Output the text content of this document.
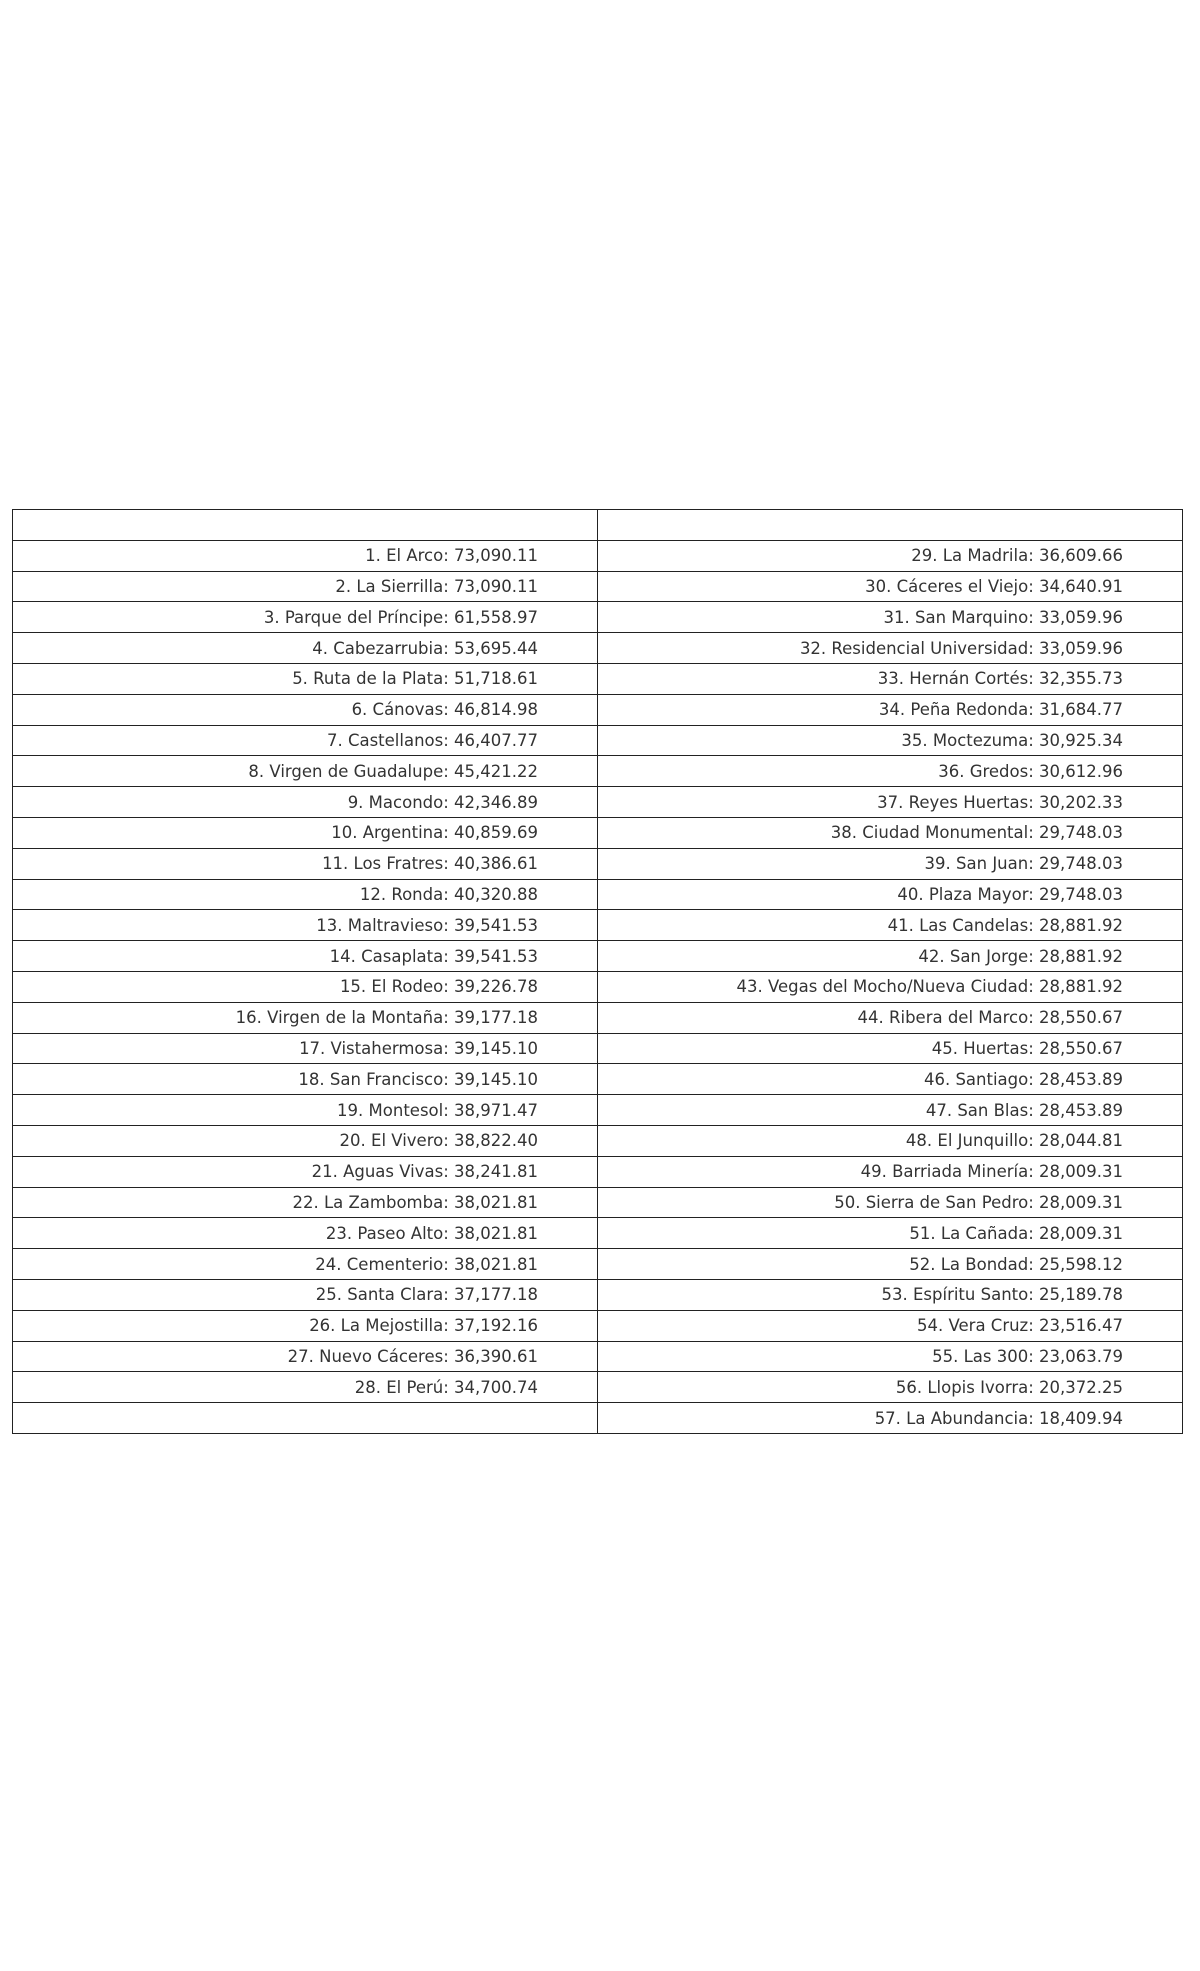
1. El Arco: 73,090.11	29. La Madrila: 36,609.66
2. La Sierrilla: 73,090.11	30. Cáceres el Viejo: 34,640.91
3. Parque del Príncipe: 61,558.97	31. San Marquino: 33,059.96
4. Cabezarrubia: 53,695.44	32. Residencial Universidad: 33,059.96
5. Ruta de la Plata: 51,718.61	33. Hernán Cortés: 32,355.73
6. Cánovas: 46,814.98	34. Peña Redonda: 31,684.77
7. Castellanos: 46,407.77	35. Moctezuma: 30,925.34
8. Virgen de Guadalupe: 45,421.22	36. Gredos: 30,612.96
9. Macondo: 42,346.89	37. Reyes Huertas: 30,202.33
10. Argentina: 40,859.69	38. Ciudad Monumental: 29,748.03
11. Los Fratres: 40,386.61	39. San Juan: 29,748.03
12. Ronda: 40,320.88	40. Plaza Mayor: 29,748.03
13. Maltravieso: 39,541.53	41. Las Candelas: 28,881.92
14. Casaplata: 39,541.53	42. San Jorge: 28,881.92
15. El Rodeo: 39,226.78	43. Vegas del Mocho/Nueva Ciudad: 28,881.92
16. Virgen de la Montaña: 39,177.18	44. Ribera del Marco: 28,550.67
17. Vistahermosa: 39,145.10	45. Huertas: 28,550.67
18. San Francisco: 39,145.10	46. Santiago: 28,453.89
19. Montesol: 38,971.47	47. San Blas: 28,453.89
20. El Vivero: 38,822.40	48. El Junquillo: 28,044.81
21. Aguas Vivas: 38,241.81	49. Barriada Minería: 28,009.31
22. La Zambomba: 38,021.81	50. Sierra de San Pedro: 28,009.31
23. Paseo Alto: 38,021.81	51. La Cañada: 28,009.31
24. Cementerio: 38,021.81	52. La Bondad: 25,598.12
25. Santa Clara: 37,177.18	53. Espíritu Santo: 25,189.78
26. La Mejostilla: 37,192.16	54. Vera Cruz: 23,516.47
27. Nuevo Cáceres: 36,390.61	55. Las 300: 23,063.79
28. El Perú: 34,700.74	56. Llopis Ivorra: 20,372.25
	57. La Abundancia: 18,409.94
